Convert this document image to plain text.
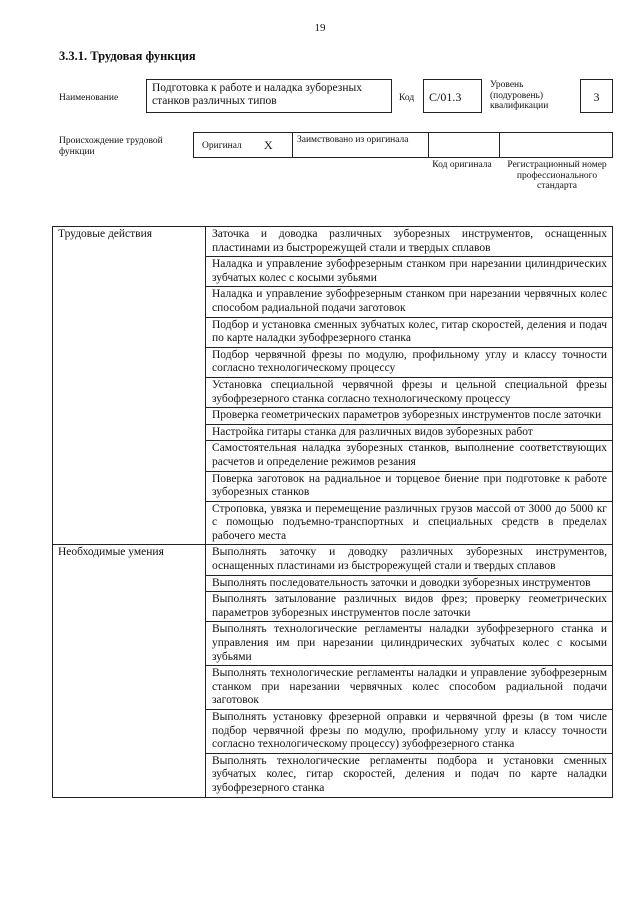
19
3.3.1. Трудовая функция
Наименование
Подготовка к работе и наладка зуборезных станков различных типов	Код	C/01.3
Уровень (подуровень) квалификации
3
Происхождение трудовой функции
Оригинал X	Заимствовано из оригинала
Код оригинала	Регистрационный номер профессионального стандарта
Трудовые действия	Заточка и доводка различных зуборезных инструментов, оснащенных пластинами из быстрорежущей стали и твердых сплавов
	Наладка и управление зубофрезерным станком при нарезании цилиндрических зубчатых колес с косыми зубьями
	Наладка и управление зубофрезерным станком при нарезании червячных колес способом радиальной подачи заготовок
	Подбор и установка сменных зубчатых колес, гитар скоростей, деления и подач по карте наладки зубофрезерного станка
	Подбор червячной фрезы по модулю, профильному углу и классу точности согласно технологическому процессу
	Установка специальной червячной фрезы и цельной специальной фрезы зубофрезерного станка согласно технологическому процессу
	Проверка геометрических параметров зуборезных инструментов после заточки
	Настройка гитары станка для различных видов зуборезных работ
	Самостоятельная наладка зуборезных станков, выполнение соответствующих расчетов и определение режимов резания
	Поверка заготовок на радиальное и торцевое биение при подготовке к работе зуборезных станков
	Строповка, увязка и перемещение различных грузов массой от 3000 до 5000 кг с помощью подъемно-транспортных и специальных средств в пределах рабочего места
Необходимые умения	Выполнять заточку и доводку различных зуборезных инструментов, оснащенных пластинами из быстрорежущей стали и твердых сплавов
	Выполнять последовательность заточки и доводки зуборезных инструментов
	Выполнять затылование различных видов фрез; проверку геометрических параметров зуборезных инструментов после заточки
	Выполнять технологические регламенты наладки зубофрезерного станка и управления им при нарезании цилиндрических зубчатых колес с косыми зубьями
	Выполнять технологические регламенты наладки и управление зубофрезерным станком при нарезании червячных колес способом радиальной подачи заготовок
	Выполнять установку фрезерной оправки и червячной фрезы (в том числе подбор червячной фрезы по модулю, профильному углу и классу точности согласно технологическому процессу) зубофрезерного станка
	Выполнять технологические регламенты подбора и установки сменных зубчатых колес, гитар скоростей, деления и подач по карте наладки зубофрезерного станка
